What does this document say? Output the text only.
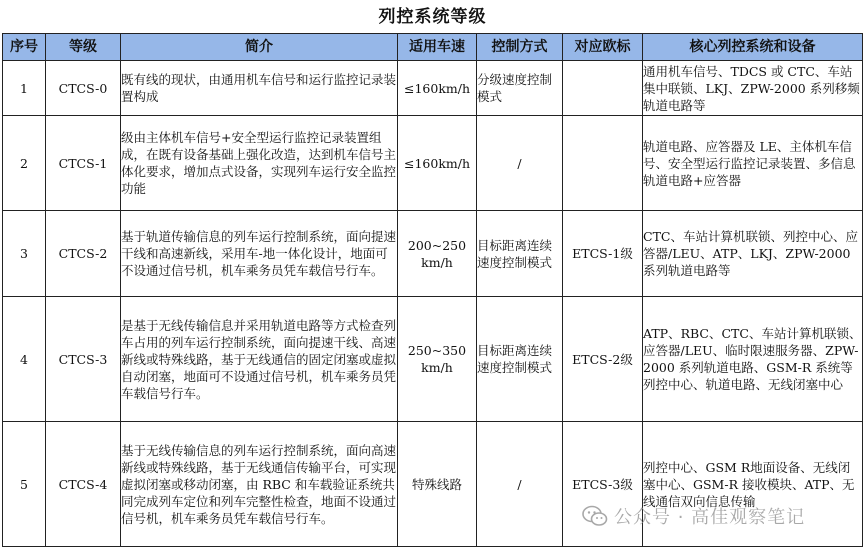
列控系统等级
序号	等级	简介	适用车速	控制方式	对应欧标	核心列控系统和设备
1	CTCS-0	既有线的现状，由通用机车信号和运行监控记录装置构成	≤160km/h	分级速度控制模式		通用机车信号、TDCS 或 CTC、车站集中联锁、LKJ、ZPW-2000 系列移频轨道电路等
2	CTCS-1	级由主体机车信号+安全型运行监控记录装置组成，在既有设备基础上强化改造，达到机车信号主体化要求，增加点式设备，实现列车运行安全监控功能	≤160km/h	/		轨道电路、应答器及 LE、主体机车信号、安全型运行监控记录装置、多信息轨道电路+应答器
3	CTCS-2	基于轨道传输信息的列车运行控制系统，面向提速干线和高速新线，采用车-地一体化设计，地面可不设通过信号机，机车乘务员凭车载信号行车。	200~250 km/h	目标距离连续速度控制模式	ETCS-1级	CTC、车站计算机联锁、列控中心、应答器/LEU、ATP、LKJ、ZPW-2000 系列轨道电路等
4	CTCS-3	是基于无线传输信息并采用轨道电路等方式检查列车占用的列车运行控制系统，面向提速干线、高速新线或特殊线路，基于无线通信的固定闭塞或虚拟自动闭塞，地面可不设通过信号机，机车乘务员凭车载信号行车。	250~350 km/h	目标距离连续速度控制模式	ETCS-2级	ATP、RBC、CTC、车站计算机联锁、应答器/LEU、临时限速服务器、ZPW-2000 系列轨道电路、GSM-R 系统等列控中心、轨道电路、无线闭塞中心
5	CTCS-4	基于无线传输信息的列车运行控制系统，面向高速新线或特殊线路，基于无线通信传输平台，可实现虚拟闭塞或移动闭塞，由 RBC 和车载验证系统共同完成列车定位和列车完整性检查，地面不设通过信号机，机车乘务员凭车载信号行车。	特殊线路	/	ETCS-3级	列控中心、GSM R地面设备、无线闭塞中心、GSM-R 接收模块、ATP、无线通信双向信息传输
公众号 · 高佳观察笔记
